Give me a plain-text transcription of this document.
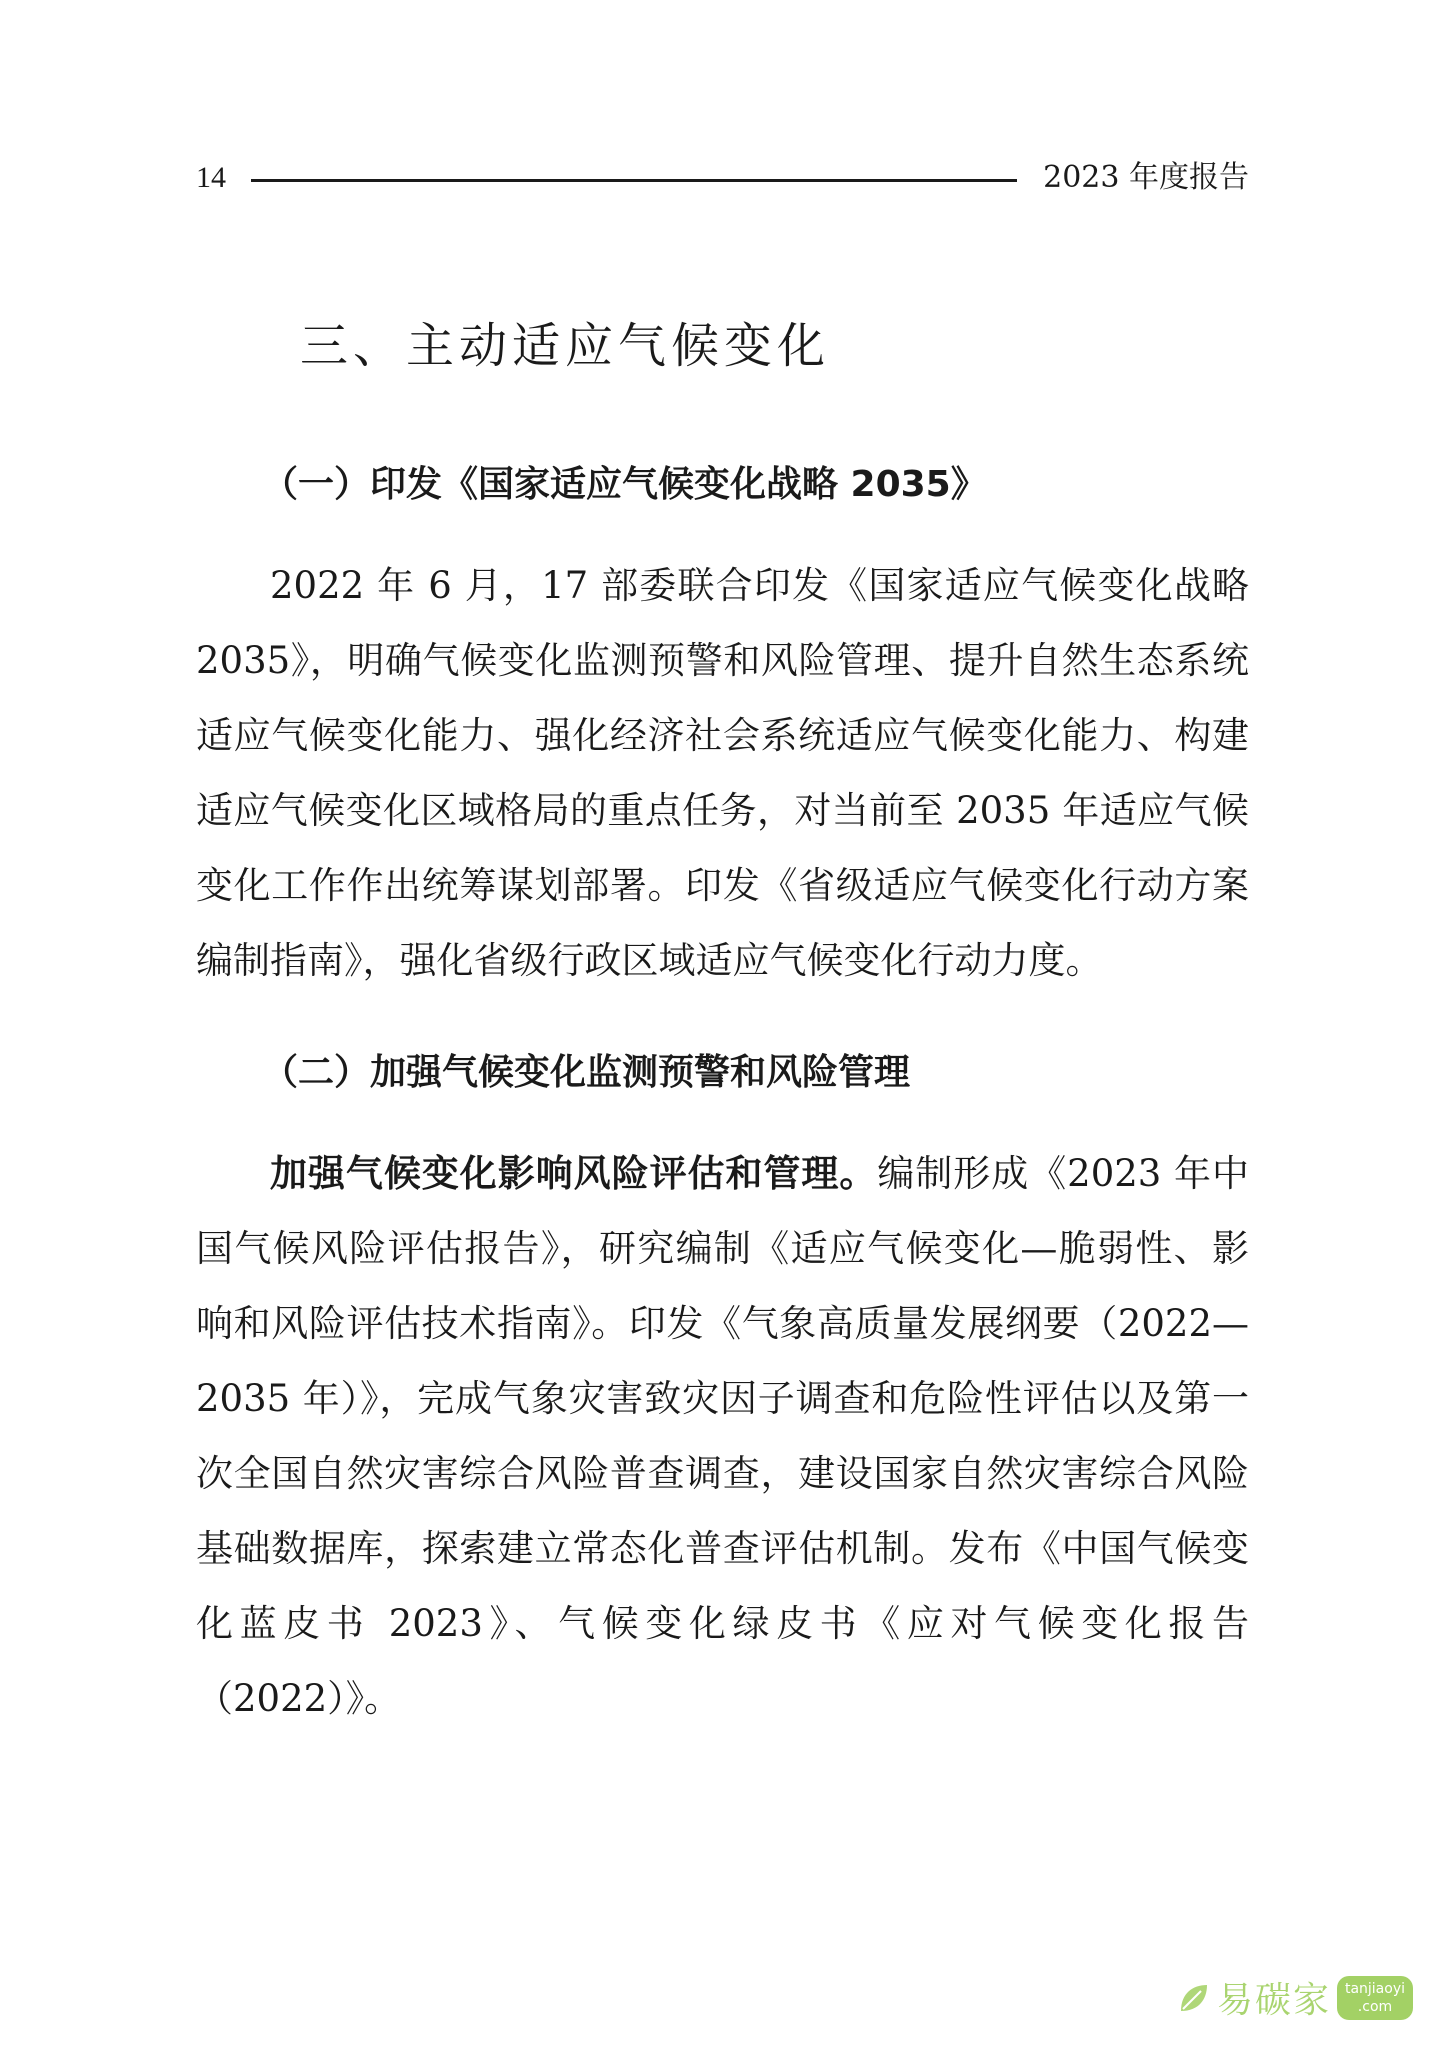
14	2023 年度报告
三、主动适应气候变化
（一）印发《国家适应气候变化战略 2035》

2022 年 6 月，17 部委联合印发《国家适应气候变化战略 2035》，明确气候变化监测预警和风险管理、提升自然生态系统适应气候变化能力、强化经济社会系统适应气候变化能力、构建适应气候变化区域格局的重点任务，对当前至 2035 年适应气候变化工作作出统筹谋划部署。印发《省级适应气候变化行动方案编制指南》，强化省级行政区域适应气候变化行动力度。

（二）加强气候变化监测预警和风险管理

加强气候变化影响风险评估和管理。编制形成《2023 年中国气候风险评估报告》，研究编制《适应气候变化—脆弱性、影响和风险评估技术指南》。印发《气象高质量发展纲要（2022—2035 年）》，完成气象灾害致灾因子调查和危险性评估以及第一次全国自然灾害综合风险普查调查，建设国家自然灾害综合风险基础数据库，探索建立常态化普查评估机制。发布《中国气候变化蓝皮书 2023》、气候变化绿皮书《应对气候变化报告（2022）》。

易碳家 tanjiaoyi
.com
